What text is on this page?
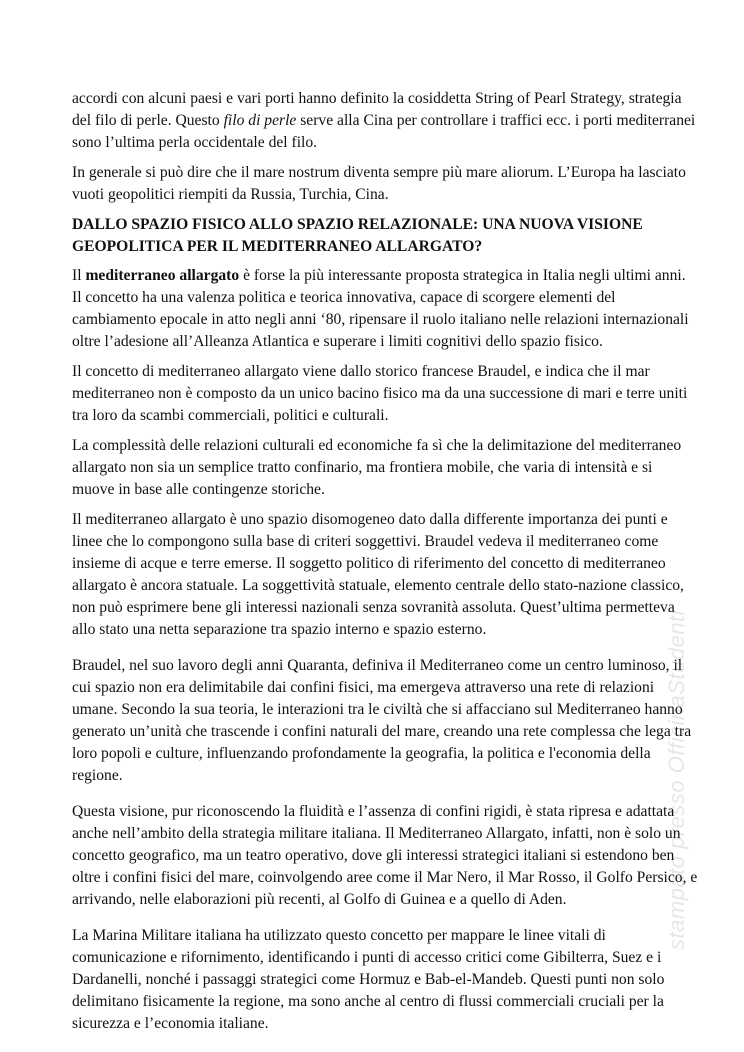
stampato presso OfficinaStudenti
accordi con alcuni paesi e vari porti hanno definito la cosiddetta String of Pearl Strategy, strategia
del filo di perle. Questo filo di perle serve alla Cina per controllare i traffici ecc. i porti mediterranei
sono l’ultima perla occidentale del filo.
In generale si può dire che il mare nostrum diventa sempre più mare aliorum. L’Europa ha lasciato
vuoti geopolitici riempiti da Russia, Turchia, Cina.
DALLO SPAZIO FISICO ALLO SPAZIO RELAZIONALE: UNA NUOVA VISIONE
GEOPOLITICA PER IL MEDITERRANEO ALLARGATO?
Il mediterraneo allargato è forse la più interessante proposta strategica in Italia negli ultimi anni.
Il concetto ha una valenza politica e teorica innovativa, capace di scorgere elementi del
cambiamento epocale in atto negli anni ‘80, ripensare il ruolo italiano nelle relazioni internazionali
oltre l’adesione all’Alleanza Atlantica e superare i limiti cognitivi dello spazio fisico.
Il concetto di mediterraneo allargato viene dallo storico francese Braudel, e indica che il mar
mediterraneo non è composto da un unico bacino fisico ma da una successione di mari e terre uniti
tra loro da scambi commerciali, politici e culturali.
La complessità delle relazioni culturali ed economiche fa sì che la delimitazione del mediterraneo
allargato non sia un semplice tratto confinario, ma frontiera mobile, che varia di intensità e si
muove in base alle contingenze storiche.
Il mediterraneo allargato è uno spazio disomogeneo dato dalla differente importanza dei punti e
linee che lo compongono sulla base di criteri soggettivi. Braudel vedeva il mediterraneo come
insieme di acque e terre emerse. Il soggetto politico di riferimento del concetto di mediterraneo
allargato è ancora statuale. La soggettività statuale, elemento centrale dello stato-nazione classico,
non può esprimere bene gli interessi nazionali senza sovranità assoluta. Quest’ultima permetteva
allo stato una netta separazione tra spazio interno e spazio esterno.
Braudel, nel suo lavoro degli anni Quaranta, definiva il Mediterraneo come un centro luminoso, il
cui spazio non era delimitabile dai confini fisici, ma emergeva attraverso una rete di relazioni
umane. Secondo la sua teoria, le interazioni tra le civiltà che si affacciano sul Mediterraneo hanno
generato un’unità che trascende i confini naturali del mare, creando una rete complessa che lega tra
loro popoli e culture, influenzando profondamente la geografia, la politica e l'economia della
regione.
Questa visione, pur riconoscendo la fluidità e l’assenza di confini rigidi, è stata ripresa e adattata
anche nell’ambito della strategia militare italiana. Il Mediterraneo Allargato, infatti, non è solo un
concetto geografico, ma un teatro operativo, dove gli interessi strategici italiani si estendono ben
oltre i confini fisici del mare, coinvolgendo aree come il Mar Nero, il Mar Rosso, il Golfo Persico, e
arrivando, nelle elaborazioni più recenti, al Golfo di Guinea e a quello di Aden.
La Marina Militare italiana ha utilizzato questo concetto per mappare le linee vitali di
comunicazione e rifornimento, identificando i punti di accesso critici come Gibilterra, Suez e i
Dardanelli, nonché i passaggi strategici come Hormuz e Bab-el-Mandeb. Questi punti non solo
delimitano fisicamente la regione, ma sono anche al centro di flussi commerciali cruciali per la
sicurezza e l’economia italiane.
